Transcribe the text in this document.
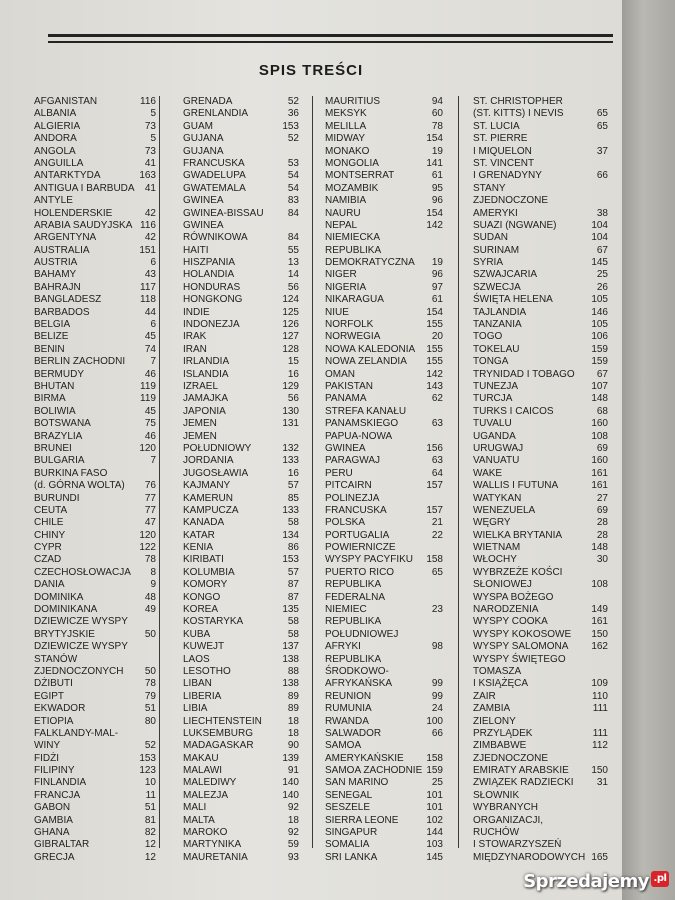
SPIS TREŚCI
AFGANISTAN	116
ALBANIA	5
ALGIERIA	73
ANDORA	5
ANGOLA	73
ANGUILLA	41
ANTARKTYDA	163
ANTIGUA I BARBUDA 41
ANTYLE
HOLENDERSKIE	42
ARABIA SAUDYJSKA 116
ARGENTYNA	42
AUSTRALIA	151
AUSTRIA	6
BAHAMY	43
BAHRAJN	117
BANGLADESZ	118
BARBADOS	44
BELGIA	6
BELIZE	45
BENIN	74
BERLIN ZACHODNI	7
BERMUDY	46
BHUTAN	119
BIRMA	119
BOLIWIA	45
BOTSWANA	75
BRAZYLIA	46
BRUNEI	120
BULGARIA	7
BURKINA FASO
(d. GÓRNA WOLTA) 76
BURUNDI	77
CEUTA	77
CHILE	47
CHINY	120
CYPR	122
CZAD	78
CZECHOSŁOWACJA 8
DANIA	9
DOMINIKA	48
DOMINIKANA	49
DZIEWICZE WYSPY
BRYTYJSKIE	50
DZIEWICZE WYSPY
STANÓW
ZJEDNOCZONYCH 50
DŻIBUTI	78
EGIPT	79
EKWADOR	51
ETIOPIA	80
FALKLANDY-MAL-
WINY	52
FIDŻI	153
FILIPINY	123
FINLANDIA	10
FRANCJA	11
GABON	51
GAMBIA	81
GHANA	82
GIBRALTAR	12
GRECJA	12
GRENADA	52
GRENLANDIA	36
GUAM	153
GUJANA	52
GUJANA
FRANCUSKA	53
GWADELUPA	54
GWATEMALA	54
GWINEA	83
GWINEA-BISSAU 84
GWINEA
RÓWNIKOWA	84
HAITI	55
HISZPANIA	13
HOLANDIA	14
HONDURAS	56
HONGKONG	124
INDIE	125
INDONEZJA	126
IRAK	127
IRAN	128
IRLANDIA	15
ISLANDIA	16
IZRAEL	129
JAMAJKA	56
JAPONIA	130
JEMEN	131
JEMEN
POŁUDNIOWY	132
JORDANIA	133
JUGOSŁAWIA	16
KAJMANY	57
KAMERUN	85
KAMPUCZA	133
KANADA	58
KATAR	134
KENIA	86
KIRIBATI	153
KOLUMBIA	57
KOMORY	87
KONGO	87
KOREA	135
KOSTARYKA	58
KUBA	58
KUWEJT	137
LAOS	138
LESOTHO	88
LIBAN	138
LIBERIA	89
LIBIA	89
LIECHTENSTEIN	18
LUKSEMBURG	18
MADAGASKAR	90
MAKAU	139
MALAWI	91
MALEDIWY	140
MALEZJA	140
MALI	92
MALTA	18
MAROKO	92
MARTYNIKA	59
MAURETANIA	93
MAURITIUS	94
MEKSYK	60
MELILLA	78
MIDWAY	154
MONAKO	19
MONGOLIA	141
MONTSERRAT	61
MOZAMBIK	95
NAMIBIA	96
NAURU	154
NEPAL	142
NIEMIECKA
REPUBLIKA
DEMOKRATYCZNA 19
NIGER	96
NIGERIA	97
NIKARAGUA	61
NIUE	154
NORFOLK	155
NORWEGIA	20
NOWA KALEDONIA 155
NOWA ZELANDIA 155
OMAN	142
PAKISTAN	143
PANAMA	62
STREFA KANAŁU
PANAMSKIEGO	63
PAPUA-NOWA
GWINEA	156
PARAGWAJ	63
PERU	64
PITCAIRN	157
POLINEZJA
FRANCUSKA	157
POLSKA	21
PORTUGALIA	22
POWIERNICZE
WYSPY PACYFIKU 158
PUERTO RICO	65
REPUBLIKA
FEDERALNA
NIEMIEC	23
REPUBLIKA
POŁUDNIOWEJ
AFRYKI	98
REPUBLIKA
ŚRODKOWO-
AFRYKAŃSKA	99
REUNION	99
RUMUNIA	24
RWANDA	100
SALWADOR	66
SAMOA
AMERYKAŃSKIE 158
SAMOA ZACHODNIE 159
SAN MARINO	25
SENEGAL	101
SESZELE	101
SIERRA LEONE	102
SINGAPUR	144
SOMALIA	103
SRI LANKA	145
ST. CHRISTOPHER
(ST. KITTS) I NEVIS	65
ST. LUCIA	65
ST. PIERRE
I MIQUELON	37
ST. VINCENT
I GRENADYNY	66
STANY
ZJEDNOCZONE
AMERYKI	38
SUAZI (NGWANE)	104
SUDAN	104
SURINAM	67
SYRIA	145
SZWAJCARIA	25
SZWECJA	26
ŚWIĘTA HELENA	105
TAJLANDIA	146
TANZANIA	105
TOGO	106
TOKELAU	159
TONGA	159
TRYNIDAD I TOBAGO 67
TUNEZJA	107
TURCJA	148
TURKS I CAICOS	68
TUVALU	160
UGANDA	108
URUGWAJ	69
VANUATU	160
WAKE	161
WALLIS I FUTUNA	161
WATYKAN	27
WENEZUELA	69
WĘGRY	28
WIELKA BRYTANIA	28
WIETNAM	148
WŁOCHY	30
WYBRZEŻE KOŚCI
SŁONIOWEJ	108
WYSPA BOŻEGO
NARODZENIA	149
WYSPY COOKA	161
WYSPY KOKOSOWE 150
WYSPY SALOMONA 162
WYSPY ŚWIĘTEGO
TOMASZA
I KSIĄŻĘCA	109
ZAIR	110
ZAMBIA	111
ZIELONY
PRZYLĄDEK	111
ZIMBABWE	112
ZJEDNOCZONE
EMIRATY ARABSKIE 150
ZWIĄZEK RADZIECKI 31
SŁOWNIK
WYBRANYCH
ORGANIZACJI,
RUCHÓW
I STOWARZYSZEŃ
MIĘDZYNARODOWYCH 165
Sprzedajemy .pl
